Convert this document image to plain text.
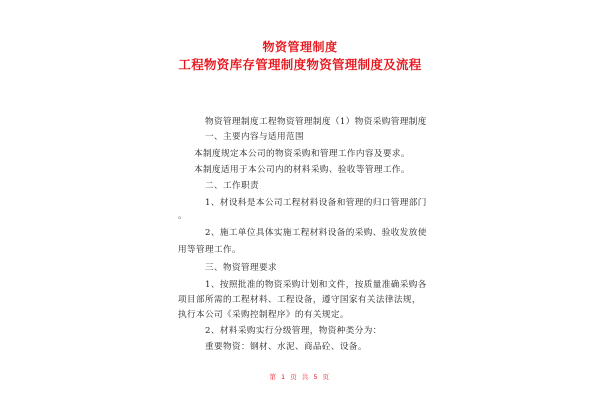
物资管理制度
工程物资库存管理制度物资管理制度及流程
物资管理制度工程物资管理制度（1）物资采购管理制度
一、主要内容与适用范围
本制度规定本公司的物资采购和管理工作内容及要求。
本制度适用于本公司内的材料采购、验收等管理工作。
二、工作职责
1、材设科是本公司工程材料设备和管理的归口管理部门
。
2、施工单位具体实施工程材料设备的采购、验收发放使
用等管理工作。
三、物资管理要求
1、按照批准的物资采购计划和文件，按质量准确采购各
项目部所需的工程材料、工程设备，遵守国家有关法律法规，
执行本公司《采购控制程序》的有关规定。
2、材料采购实行分级管理，物资种类分为：
重要物资：钢材、水泥、商品砼、设备。
第 1 页 共 5 页
